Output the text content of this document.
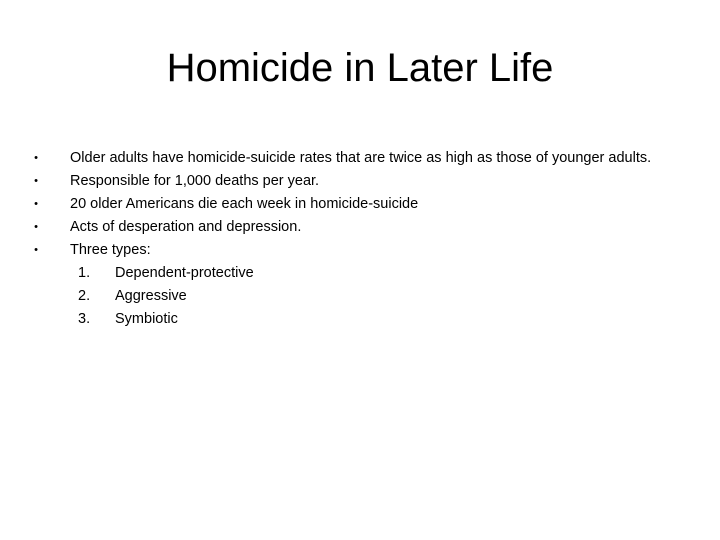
Homicide in Later Life
• Older adults have homicide-suicide rates that are twice as high as those of younger adults.
• Responsible for 1,000 deaths per year.
• 20 older Americans die each week in homicide-suicide
• Acts of desperation and depression.
• Three types:
1.	Dependent-protective
2.	Aggressive
3.	Symbiotic
